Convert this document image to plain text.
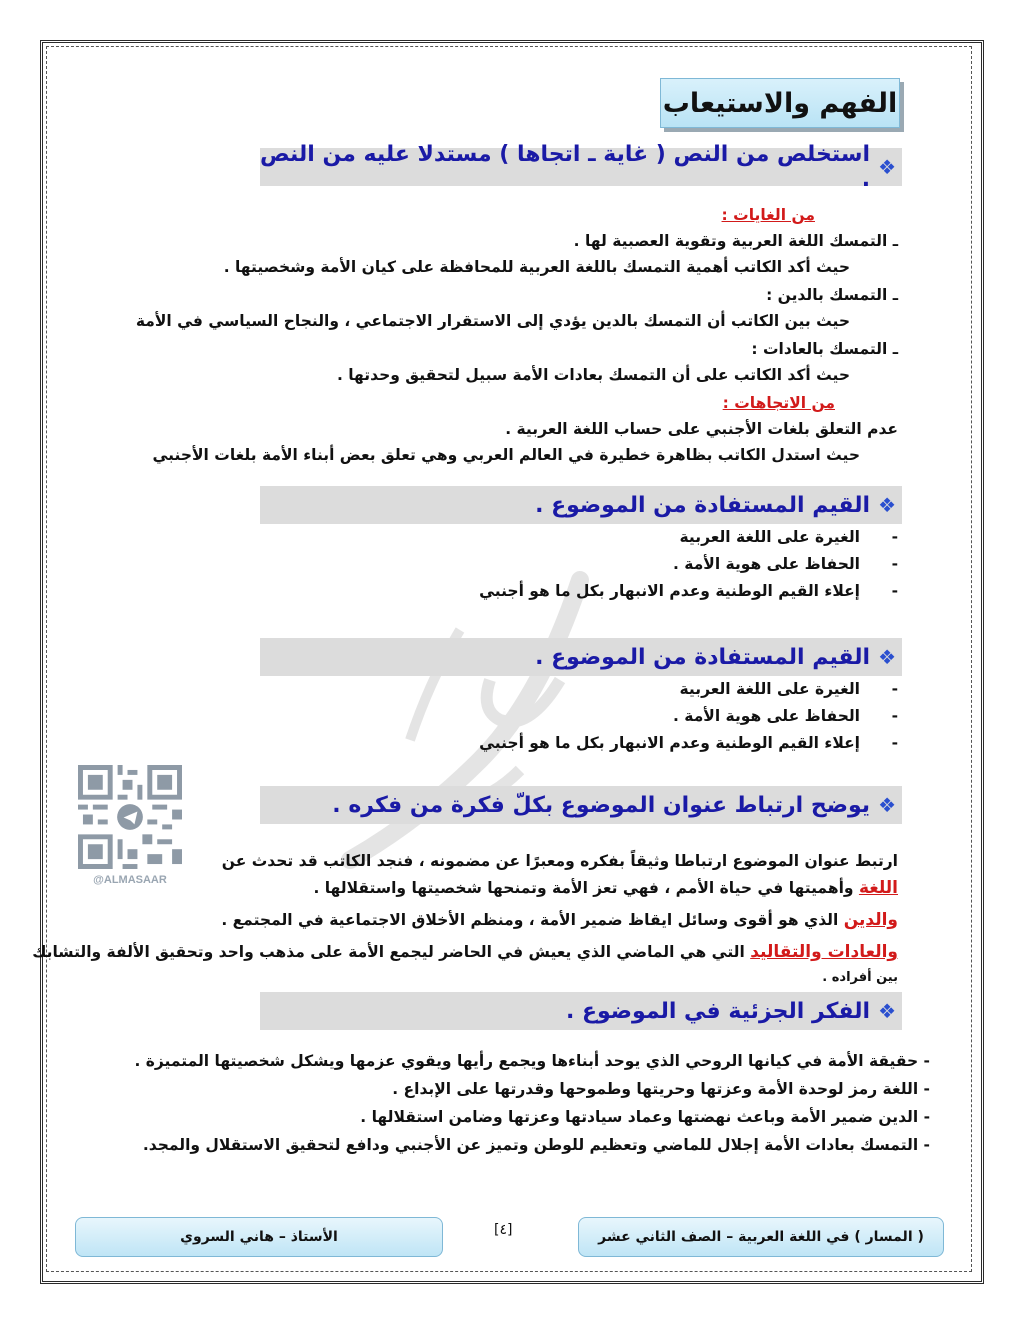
الفهم والاستيعاب
❖
استخلص من النص ( غاية ـ اتجاها ) مستدلا عليه من النص .
من الغايات :
ـ التمسك اللغة العربية وتقوية العصبية لها .
حيث أكد الكاتب أهمية التمسك باللغة العربية للمحافظة على كيان الأمة وشخصيتها .
ـ التمسك بالدين :
حيث بين الكاتب أن التمسك بالدين يؤدي إلى الاستقرار الاجتماعي ، والنجاح السياسي في الأمة
ـ التمسك بالعادات :
حيث أكد الكاتب على أن التمسك بعادات الأمة سبيل لتحقيق وحدتها .
من الاتجاهات :
عدم التعلق بلغات الأجنبي على حساب اللغة العربية .
حيث استدل الكاتب بظاهرة خطيرة في العالم العربي وهي تعلق بعض أبناء الأمة بلغات الأجنبي
❖
القيم المستفادة من الموضوع .
-الغيرة على اللغة العربية
-الحفاظ على هوية الأمة .
-إعلاء القيم الوطنية وعدم الانبهار بكل ما هو أجنبي
❖
القيم المستفادة من الموضوع .
-الغيرة على اللغة العربية
-الحفاظ على هوية الأمة .
-إعلاء القيم الوطنية وعدم الانبهار بكل ما هو أجنبي
@ALMASAAR
❖
يوضح ارتباط عنوان الموضوع بكلّ فكرة من فكره .
ارتبط عنوان الموضوع ارتباطا وثيقاً بفكره ومعبرًا عن مضمونه ، فنجد الكاتب قد تحدث عن
اللغة وأهميتها في حياة الأمم ، فهي تعز الأمة وتمنحها شخصيتها واستقلالها .
والدين الذي هو أقوى وسائل ايقاظ ضمير الأمة ، ومنظم الأخلاق الاجتماعية في المجتمع .
والعادات والتقاليد التي هي الماضي الذي يعيش في الحاضر ليجمع الأمة على مذهب واحد وتحقيق الألفة والتشابك
بين أفراده .
❖
الفكر الجزئية في الموضوع .
- حقيقة الأمة في كيانها الروحي الذي يوحد أبناءها ويجمع رأيها ويقوي عزمها ويشكل شخصيتها المتميزة .
- اللغة رمز لوحدة الأمة وعزتها وحريتها وطموحها وقدرتها على الإبداع .
- الدين ضمير الأمة وباعث نهضتها وعماد سيادتها وعزتها وضامن استقلالها .
- التمسك بعادات الأمة إجلال للماضي وتعظيم للوطن وتميز عن الأجنبي ودافع لتحقيق الاستقلال والمجد.
( المسار ) في اللغة العربية – الصف الثاني عشر
[٤]
الأستاذ – هاني السروي
